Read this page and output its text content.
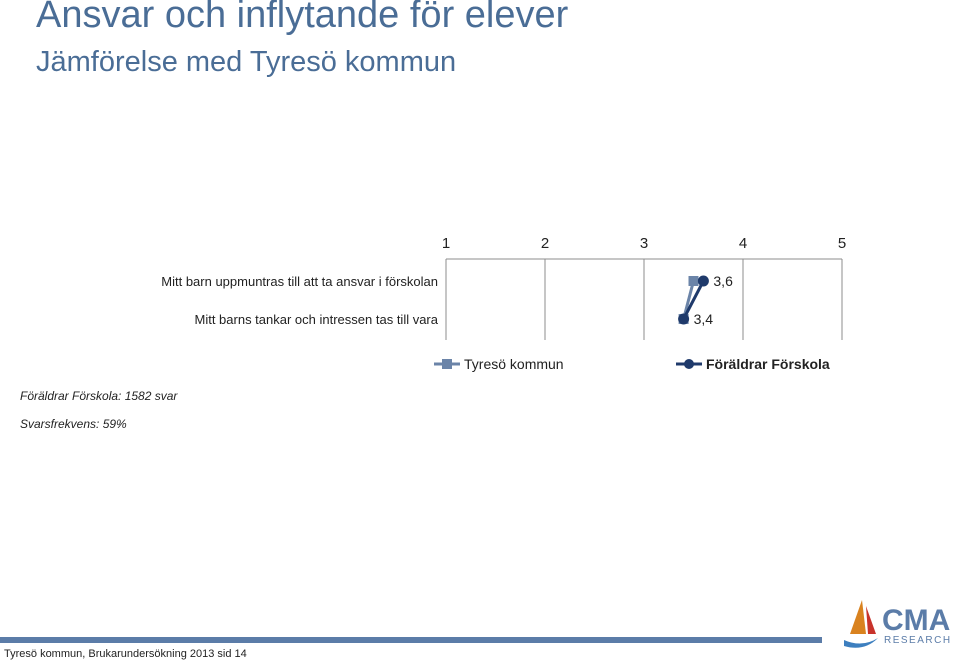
Ansvar och inflytande för elever
Jämförelse med Tyresö kommun
1	2	3	4	5
Mitt barn uppmuntras till att ta ansvar i förskolan
Mitt barns tankar och intressen tas till vara
3,6
3,4
Tyresö kommun	Föräldrar Förskola
Föräldrar Förskola: 1582 svar
Svarsfrekvens: 59%
Tyresö kommun, Brukarundersökning 2013 sid 14
CMA
RESEARCH
